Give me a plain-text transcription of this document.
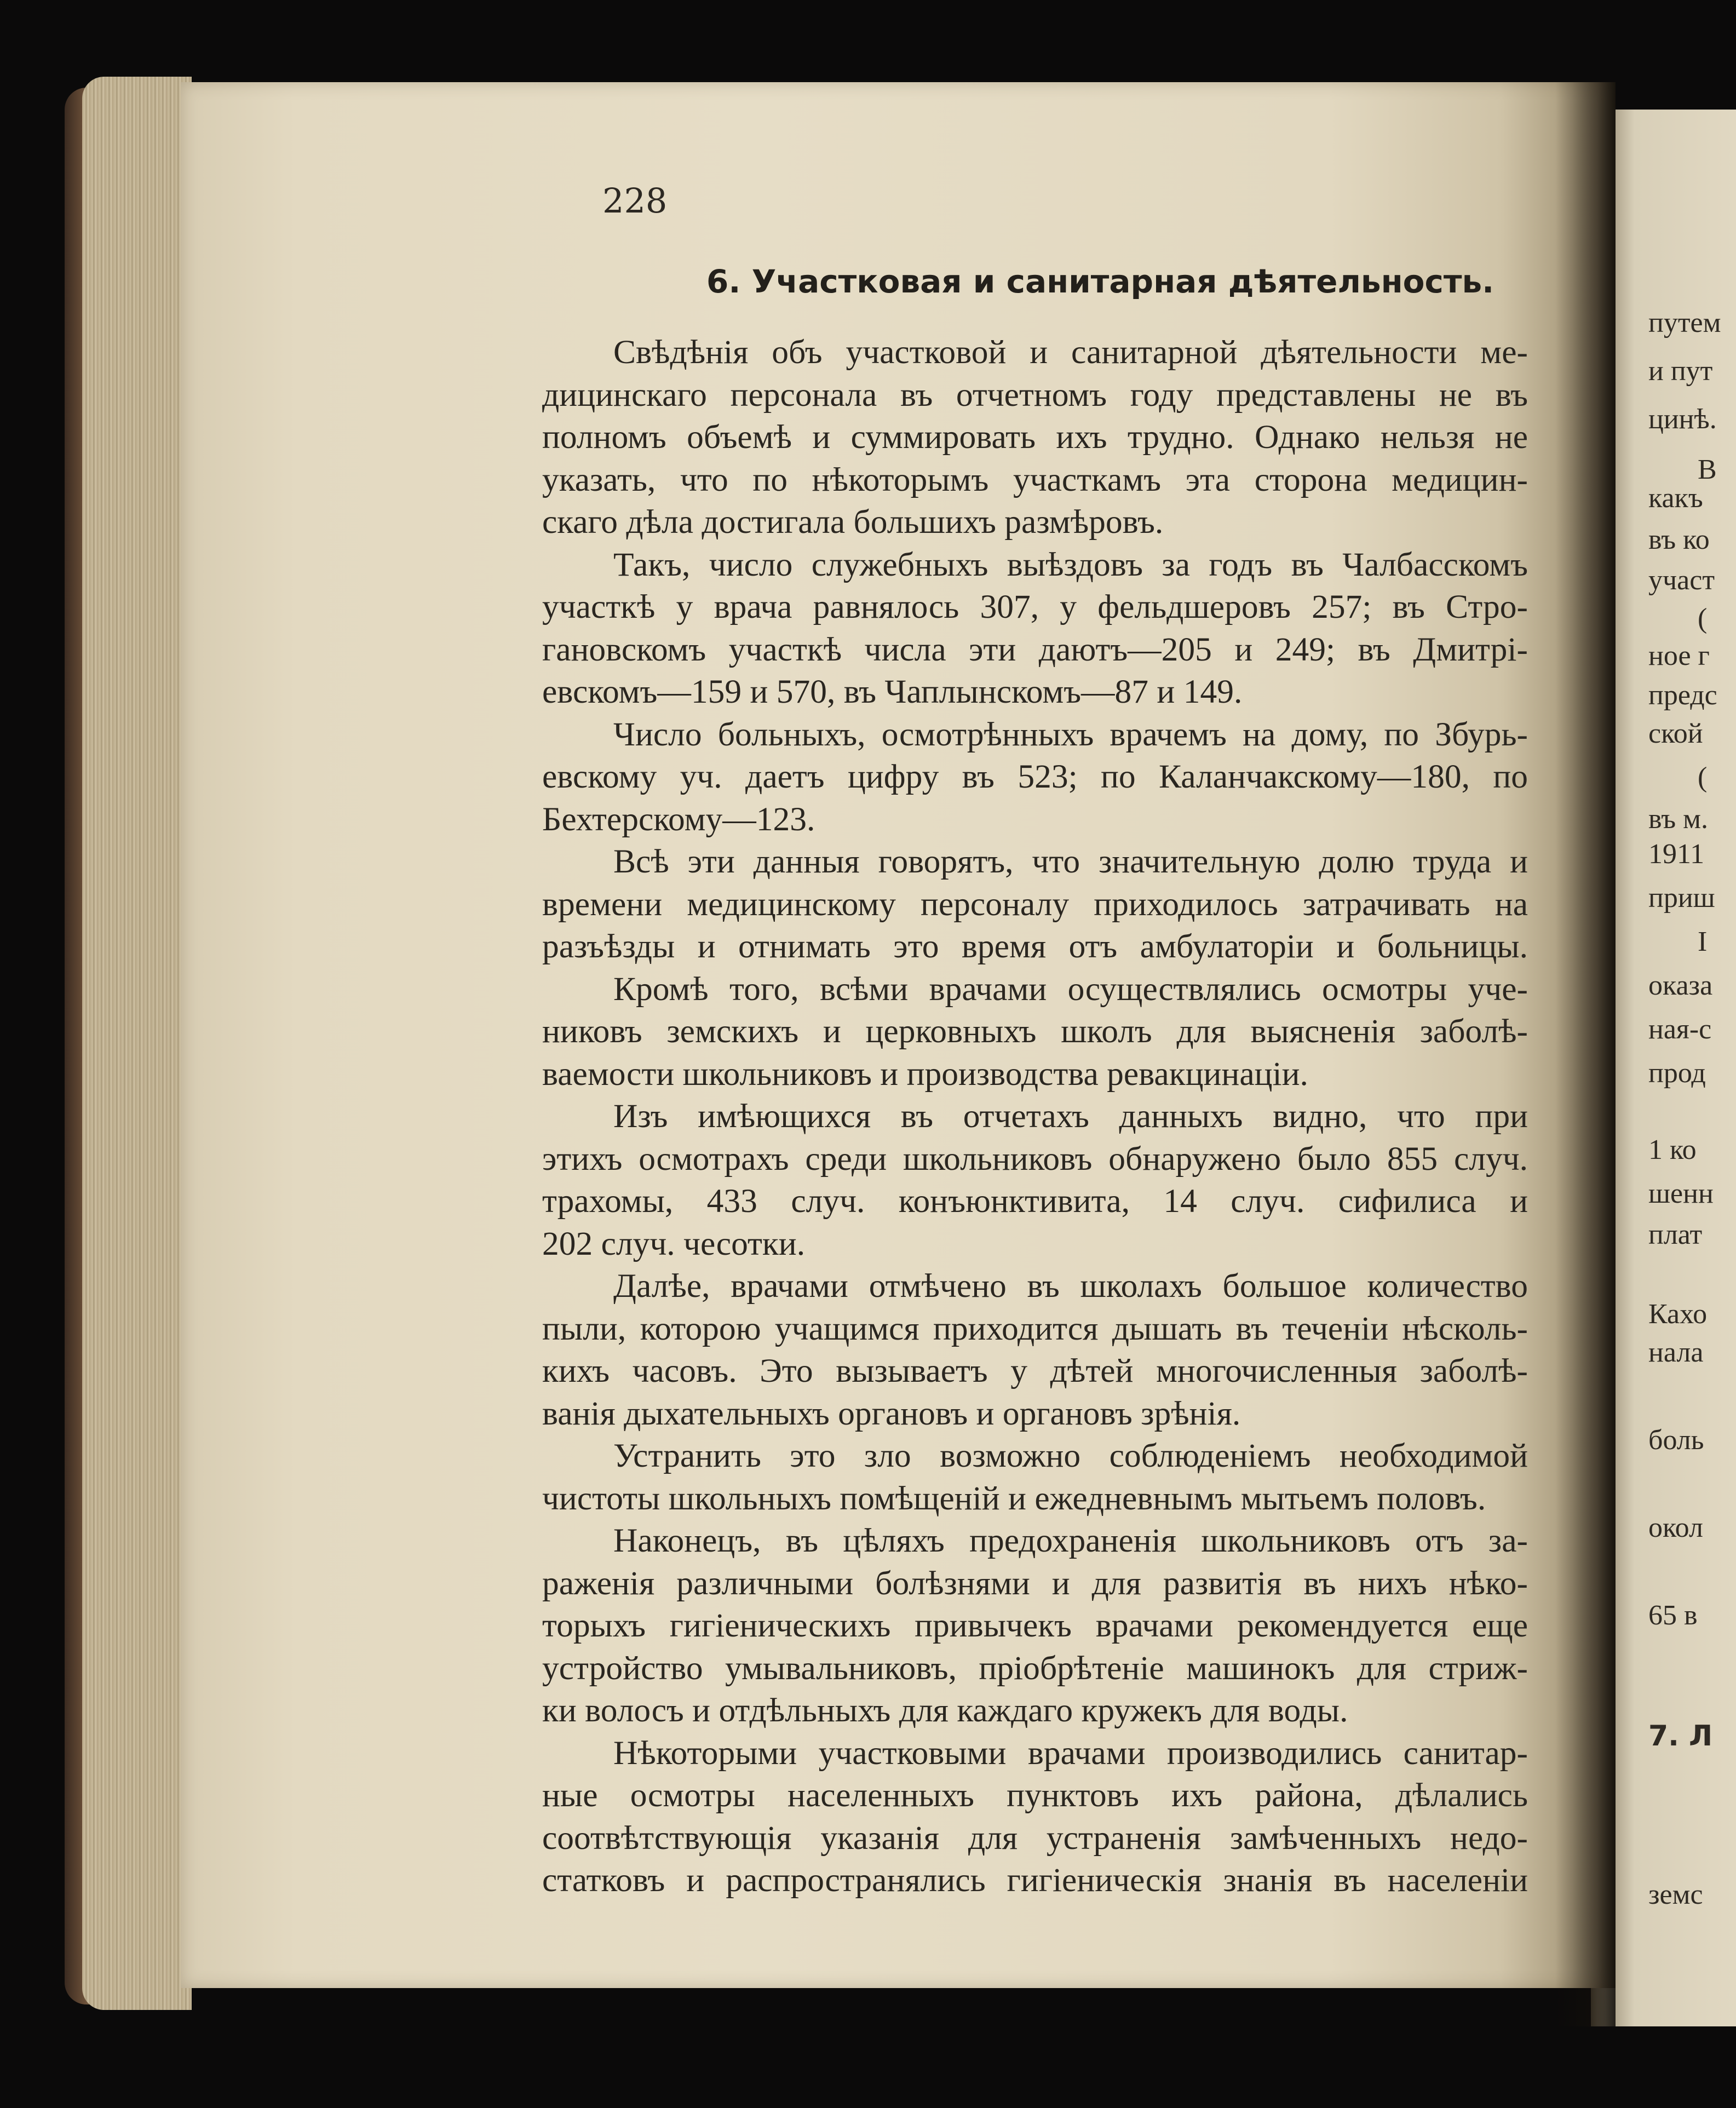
228

6. Участковая и санитарная дѣятельность.
Свѣдѣнія объ участковой и санитарной дѣятельности ме-
дицинскаго персонала въ отчетномъ году представлены не въ
полномъ объемѣ и суммировать ихъ трудно. Однако нельзя не
указать, что по нѣкоторымъ участкамъ эта сторона медицин-
скаго дѣла достигала большихъ размѣровъ.
Такъ, число служебныхъ выѣздовъ за годъ въ Чалбасскомъ
участкѣ у врача равнялось 307, у фельдшеровъ 257; въ Стро-
гановскомъ участкѣ числа эти даютъ—205 и 249; въ Дмитрі-
евскомъ—159 и 570, въ Чаплынскомъ—87 и 149.
Число больныхъ, осмотрѣнныхъ врачемъ на дому, по Збурь-
евскому уч. даетъ цифру въ 523; по Каланчакскому—180, по
Бехтерскому—123.
Всѣ эти данныя говорятъ, что значительную долю труда и
времени медицинскому персоналу приходилось затрачивать на
разъѣзды и отнимать это время отъ амбулаторіи и больницы.
Кромѣ того, всѣми врачами осуществлялись осмотры уче-
никовъ земскихъ и церковныхъ школъ для выясненія заболѣ-
ваемости школьниковъ и производства ревакцинаціи.
Изъ имѣющихся въ отчетахъ данныхъ видно, что при
этихъ осмотрахъ среди школьниковъ обнаружено было 855 случ.
трахомы, 433 случ. конъюнктивита, 14 случ. сифилиса и
202 случ. чесотки.
Далѣе, врачами отмѣчено въ школахъ большое количество
пыли, которою учащимся приходится дышать въ теченіи нѣсколь-
кихъ часовъ. Это вызываетъ у дѣтей многочисленныя заболѣ-
ванія дыхательныхъ органовъ и органовъ зрѣнія.
Устранить это зло возможно соблюденіемъ необходимой
чистоты школьныхъ помѣщеній и ежедневнымъ мытьемъ половъ.
Наконецъ, въ цѣляхъ предохраненія школьниковъ отъ за-
раженія различными болѣзнями и для развитія въ нихъ нѣко-
торыхъ гигіеническихъ привычекъ врачами рекомендуется еще
устройство умывальниковъ, пріобрѣтеніе машинокъ для стриж-
ки волосъ и отдѣльныхъ для каждаго кружекъ для воды.
Нѣкоторыми участковыми врачами производились санитар-
ные осмотры населенныхъ пунктовъ ихъ района, дѣлались
соотвѣтствующія указанія для устраненія замѣченныхъ недо-
статковъ и распространялись гигіеническія знанія въ населеніи
путем
и пут
цинѣ.
В
какъ
въ ко
участ
(
ное г
предс
ской
(
въ м.
1911
приш
I
оказа
ная-с
прод
1 ко
шенн
плат
Кахо
нала
боль
окол
65 в
7. Л
земс
